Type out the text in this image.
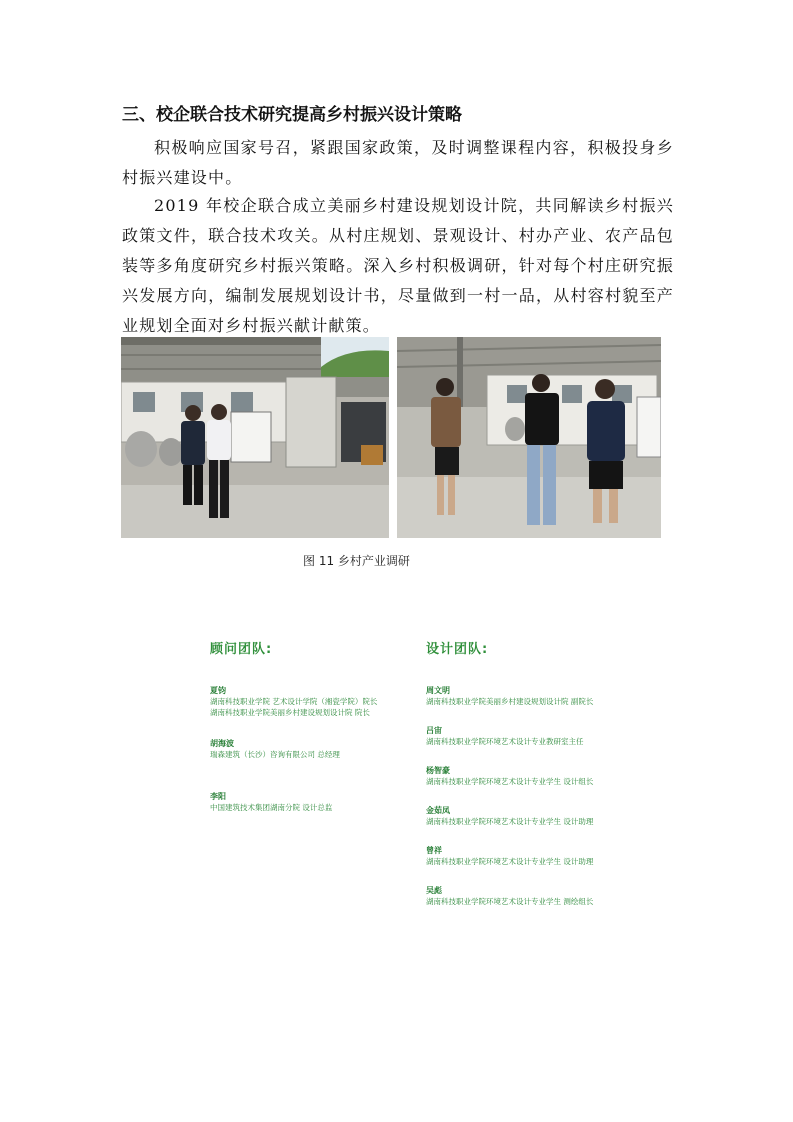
三、校企联合技术研究提高乡村振兴设计策略

积极响应国家号召，紧跟国家政策，及时调整课程内容，积极投身乡村振兴建设中。

2019 年校企联合成立美丽乡村建设规划设计院，共同解读乡村振兴政策文件，联合技术攻关。从村庄规划、景观设计、村办产业、农产品包装等多角度研究乡村振兴策略。深入乡村积极调研，针对每个村庄研究振兴发展方向，编制发展规划设计书，尽量做到一村一品，从村容村貌至产业规划全面对乡村振兴献计献策。

图 11 乡村产业调研
顾问团队:	设计团队:
夏钧
湖南科技职业学院 艺术设计学院（湘瓷学院）院长
湖南科技职业学院美丽乡村建设规划设计院 院长
胡海波
瑞森建筑（长沙）咨询有限公司 总经理
李阳
中国建筑技术集团湖南分院 设计总监
周文明
湖南科技职业学院美丽乡村建设规划设计院 副院长
吕宙
湖南科技职业学院环境艺术设计专业教研室主任
杨智豪
湖南科技职业学院环境艺术设计专业学生 设计组长
金茹凤
湖南科技职业学院环境艺术设计专业学生 设计助理
曾祥
湖南科技职业学院环境艺术设计专业学生 设计助理
吴彪
湖南科技职业学院环境艺术设计专业学生 测绘组长
